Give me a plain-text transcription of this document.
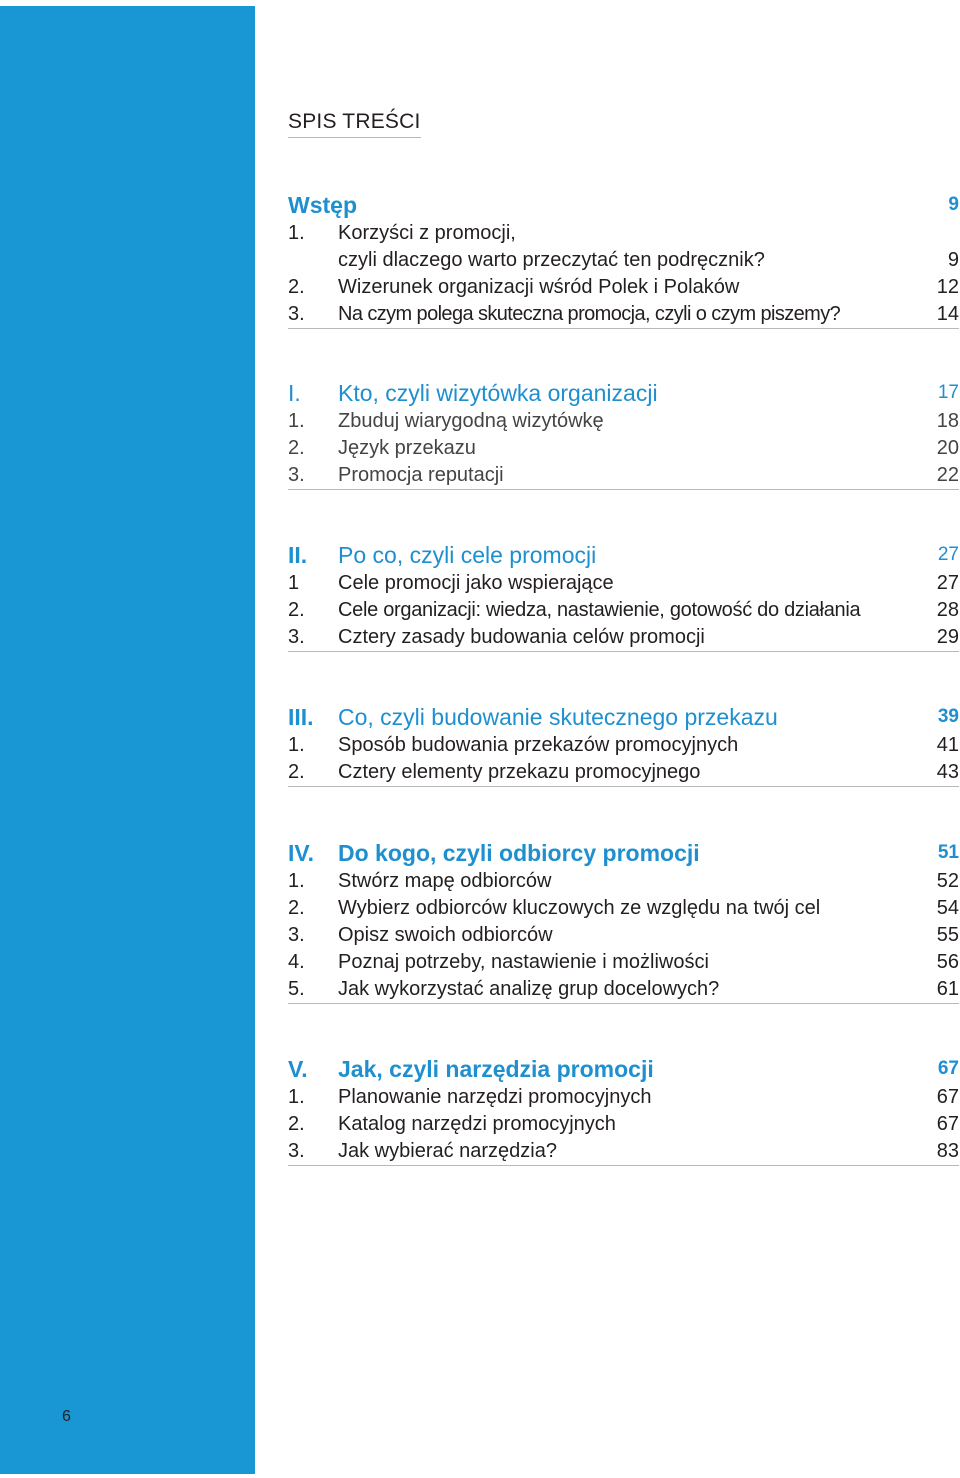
6
SPIS TREŚCI
Wstęp	9
1.	Korzyści z promocji,
czyli dlaczego warto przeczytać ten podręcznik?	9
2.	Wizerunek organizacji wśród Polek i Polaków	12
3.	Na czym polega skuteczna promocja, czyli o czym piszemy?	14
I.	Kto, czyli wizytówka organizacji	17
1.	Zbuduj wiarygodną wizytówkę	18
2.	Język przekazu	20
3.	Promocja reputacji	22
II.	Po co, czyli cele promocji	27
1	Cele promocji jako wspierające	27
2.	Cele organizacji: wiedza, nastawienie, gotowość do działania	28
3.	Cztery zasady budowania celów promocji	29
III.	Co, czyli budowanie skutecznego przekazu	39
1.	Sposób budowania przekazów promocyjnych	41
2.	Cztery elementy przekazu promocyjnego	43
IV.	Do kogo, czyli odbiorcy promocji	51
1.	Stwórz mapę odbiorców	52
2.	Wybierz odbiorców kluczowych ze względu na twój cel	54
3.	Opisz swoich odbiorców	55
4.	Poznaj potrzeby, nastawienie i możliwości	56
5.	Jak wykorzystać analizę grup docelowych?	61
V.	Jak, czyli narzędzia promocji	67
1.	Planowanie narzędzi promocyjnych	67
2.	Katalog narzędzi promocyjnych	67
3.	Jak wybierać narzędzia?	83
